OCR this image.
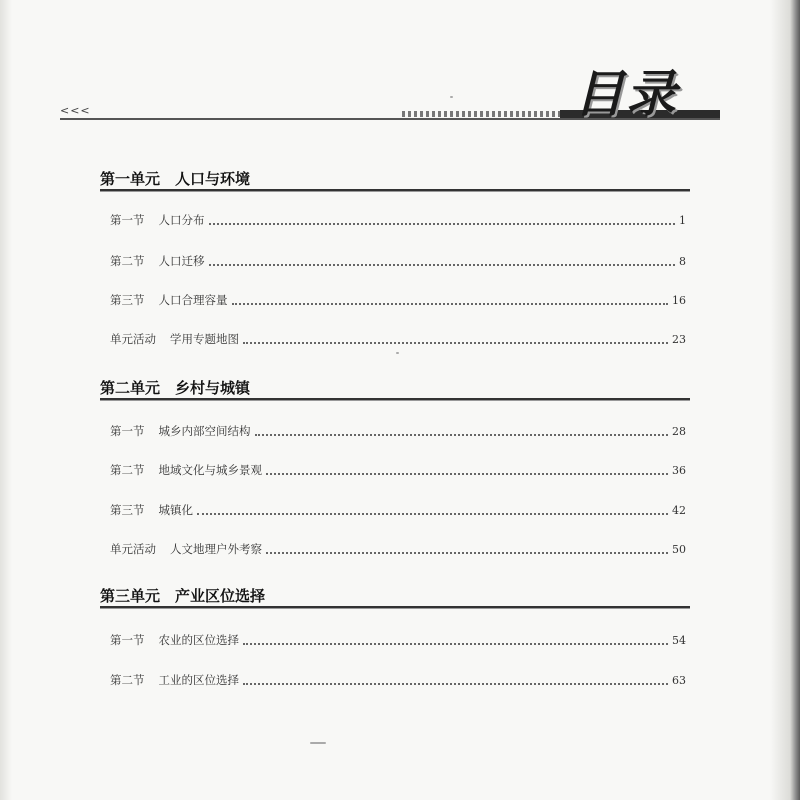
<<<	目录
第一单元　人口与环境
第一节 人口分布	1
第二节 人口迁移	8
第三节 人口合理容量	16
单元活动 学用专题地图	23
第二单元　乡村与城镇
第一节 城乡内部空间结构	28
第二节 地域文化与城乡景观	36
第三节 城镇化	42
单元活动 人文地理户外考察	50
第三单元　产业区位选择
第一节 农业的区位选择	54
第二节 工业的区位选择	63
